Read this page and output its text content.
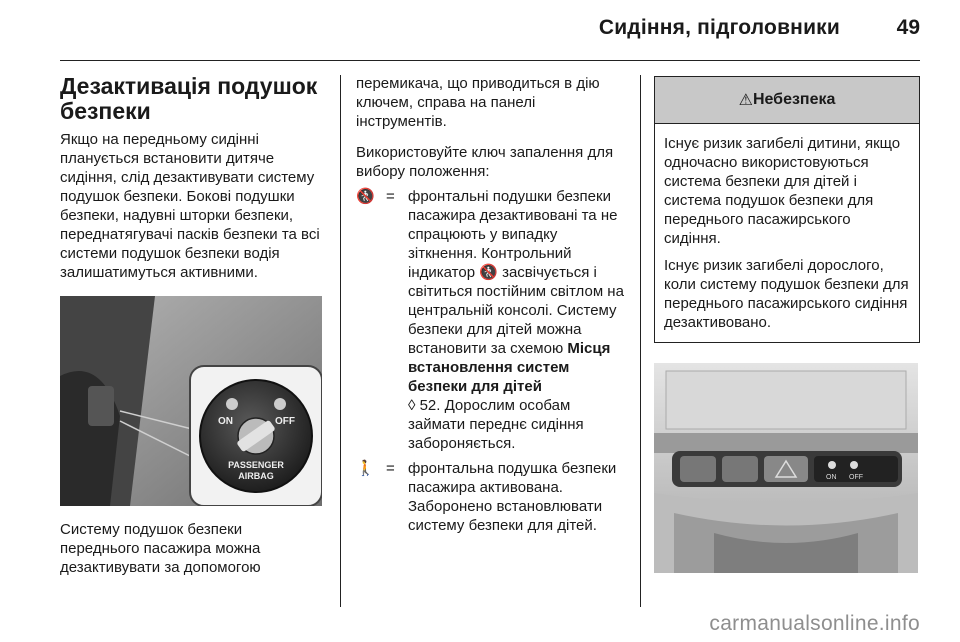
Сидіння, підголовники	49
Дезактивація подушок безпеки

Якщо на передньому сидінні планується встановити дитяче сидіння, слід дезактивувати систему подушок безпеки. Бокові подушки безпеки, надувні шторки безпеки, переднатягувачі пасків безпеки та всі системи подушок безпеки водія залишатимуться активними.

ON	OFF
PASSENGER
AIRBAG

Систему подушок безпеки переднього пасажира можна дезактивувати за допомогою

перемикача, що приводиться в дію ключем, справа на панелі інструментів.

Використовуйте ключ запалення для вибору положення:

🚷 = фронтальні подушки безпеки пасажира дезактивовані та не спрацюють у випадку зіткнення. Контрольний індикатор 🚷 засвічується і світиться постійним світлом на центральній консолі. Систему безпеки для дітей можна встановити за схемою Місця встановлення систем безпеки для дітей
◊ 52. Дорослим особам займати переднє сидіння забороняється.
🚶 = фронтальна подушка безпеки пасажира активована. Заборонено встановлювати систему безпеки для дітей.
⚠ Небезпека

Існує ризик загибелі дитини, якщо одночасно використовуються система безпеки для дітей і система подушок безпеки для переднього пасажирського сидіння.

Існує ризик загибелі дорослого, коли систему подушок безпеки для переднього пасажирського сидіння дезактивовано.

ON OFF
carmanualsonline.info
